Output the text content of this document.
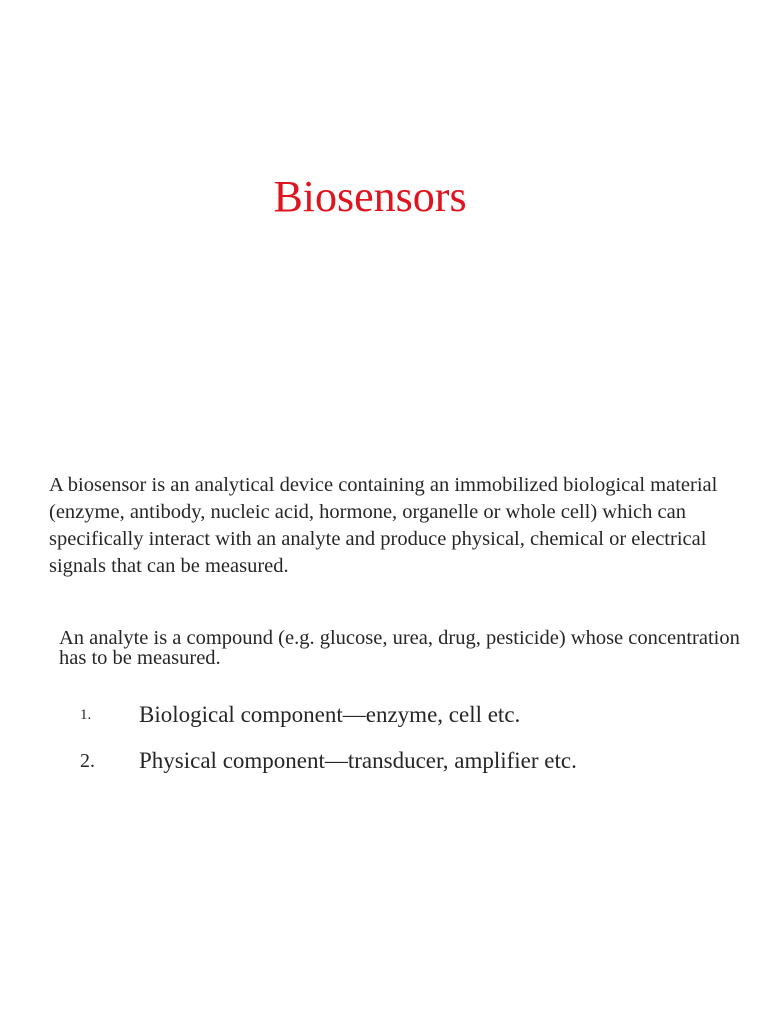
Biosensors

A biosensor is an analytical device containing an immobilized biological material (enzyme, antibody, nucleic acid, hormone, organelle or whole cell) which can specifically interact with an analyte and produce physical, chemical or electrical signals that can be measured.

An analyte is a compound (e.g. glucose, urea, drug, pesticide) whose concentration has to be measured.

1. Biological component—enzyme, cell etc.
2. Physical component—transducer, amplifier etc.
